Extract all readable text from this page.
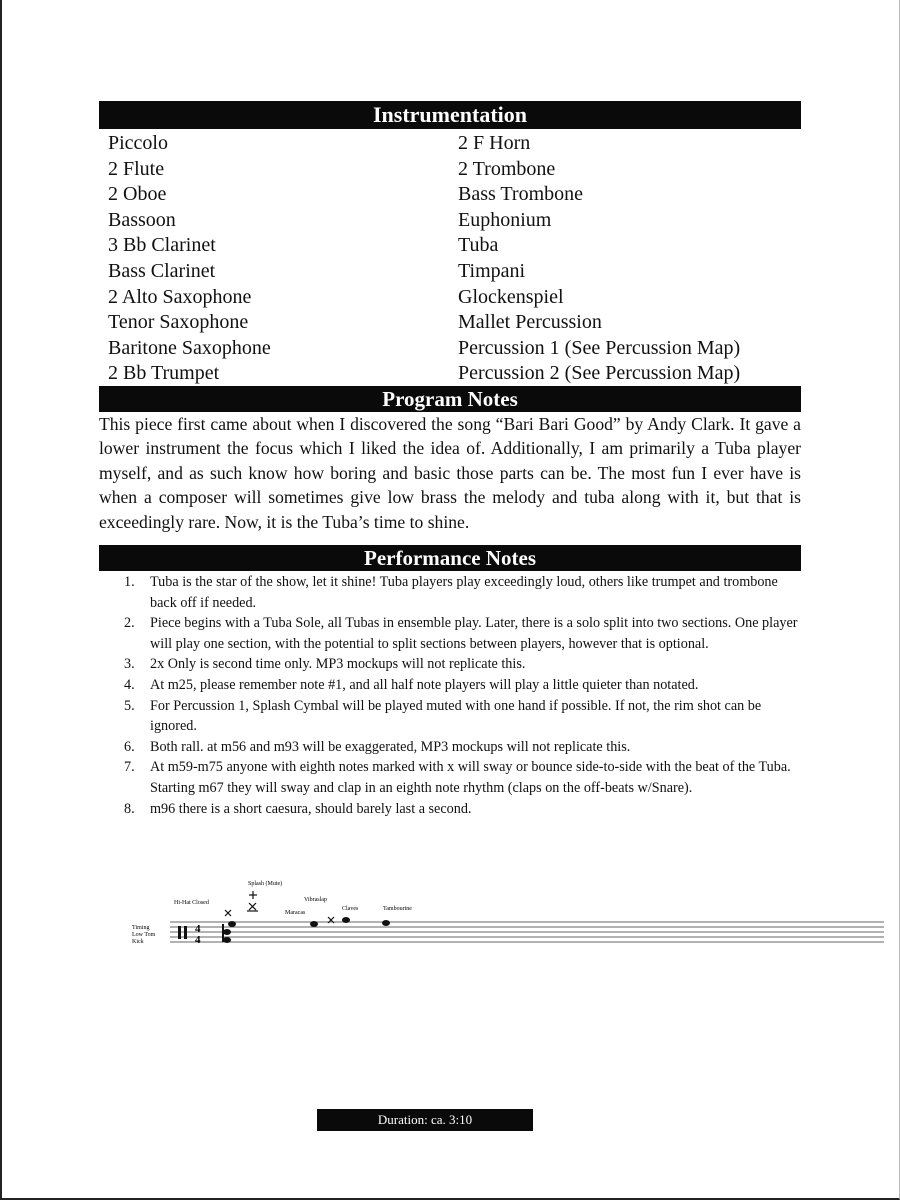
Instrumentation
Piccolo
2 Flute
2 Oboe
Bassoon
3 Bb Clarinet
Bass Clarinet
2 Alto Saxophone
Tenor Saxophone
Baritone Saxophone
2 Bb Trumpet
2 F Horn
2 Trombone
Bass Trombone
Euphonium
Tuba
Timpani
Glockenspiel
Mallet Percussion
Percussion 1 (See Percussion Map)
Percussion 2 (See Percussion Map)
Program Notes

This piece first came about when I discovered the song “Bari Bari Good” by Andy Clark. It gave a lower instrument the focus which I liked the idea of. Additionally, I am primarily a Tuba player myself, and as such know how boring and basic those parts can be. The most fun I ever have is when a composer will sometimes give low brass the melody and tuba along with it, but that is exceedingly rare. Now, it is the Tuba’s time to shine.

Performance Notes
1. Tuba is the star of the show, let it shine! Tuba players play exceedingly loud, others like trumpet and trombone back off if needed.
2. Piece begins with a Tuba Sole, all Tubas in ensemble play. Later, there is a solo split into two sections. One player will play one section, with the potential to split sections between players, however that is optional.
3. 2x Only is second time only. MP3 mockups will not replicate this.
4. At m25, please remember note #1, and all half note players will play a little quieter than notated.
5. For Percussion 1, Splash Cymbal will be played muted with one hand if possible. If not, the rim shot can be ignored.
6. Both rall. at m56 and m93 will be exaggerated, MP3 mockups will not replicate this.
7. At m59-m75 anyone with eighth notes marked with x will sway or bounce side-to-side with the beat of the Tuba. Starting m67 they will sway and clap in an eighth note rhythm (claps on the off-beats w/Snare).
8. m96 there is a short caesura, should barely last a second.
Timing
Low Tom
Kick
4
4
Hi-Hat Closed
Splash (Mute)
Vibraslap
Maracas
Claves	Tambourine
Duration: ca. 3:10
